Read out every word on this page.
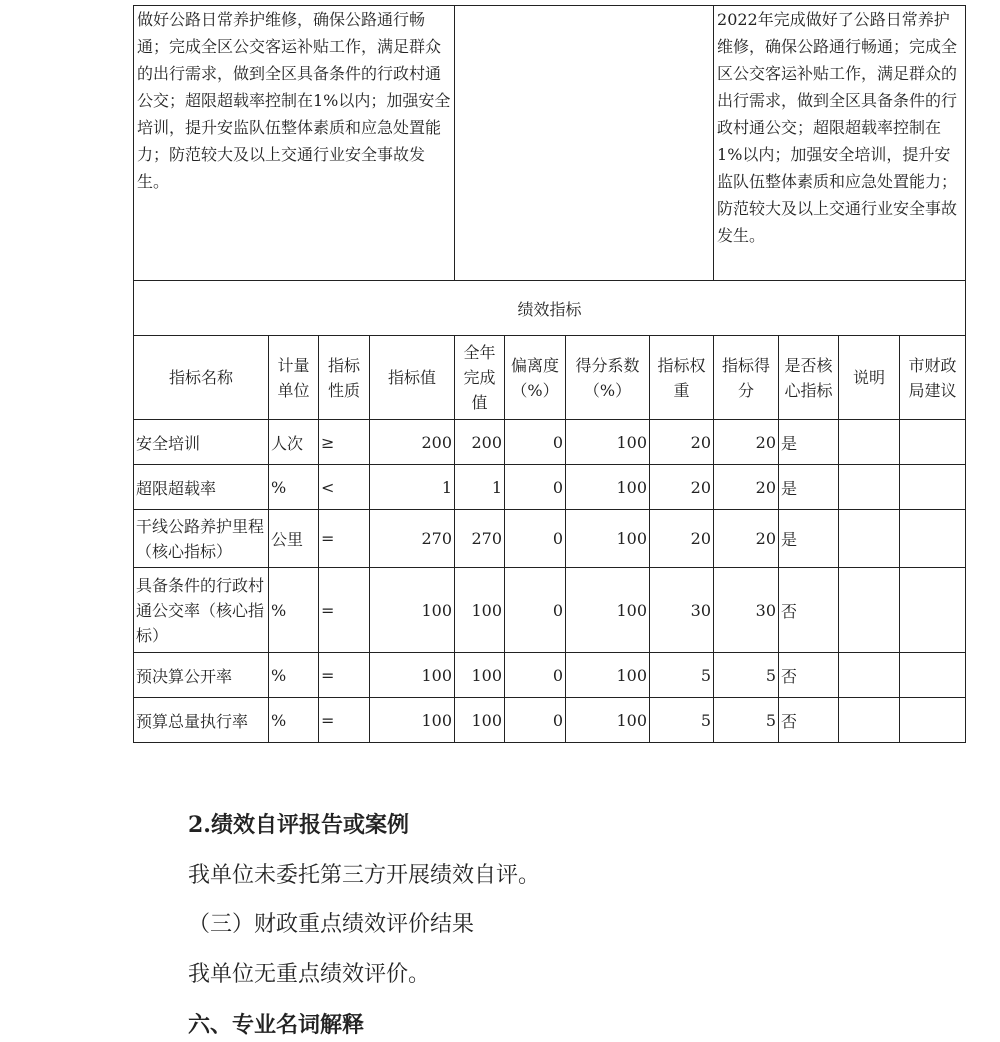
做好公路日常养护维修，确保公路通行畅通；完成全区公交客运补贴工作，满足群众的出行需求，做到全区具备条件的行政村通公交；超限超载率控制在1%以内；加强安全培训，提升安监队伍整体素质和应急处置能力；防范较大及以上交通行业安全事故发生。								2022年完成做好了公路日常养护维修，确保公路通行畅通；完成全区公交客运补贴工作，满足群众的出行需求，做到全区具备条件的行政村通公交；超限超载率控制在1%以内；加强安全培训，提升安监队伍整体素质和应急处置能力；防范较大及以上交通行业安全事故发生。			
绩效指标											
指标名称	计量单位	指标性质	指标值	全年完成值	偏离度（%）	得分系数（%）	指标权重	指标得分	是否核心指标	说明	市财政局建议
安全培训	人次	≥	200	200	0	100	20	20	是		
超限超载率	%	<	1	1	0	100	20	20	是		
干线公路养护里程（核心指标）	公里	=	270	270	0	100	20	20	是		
具备条件的行政村通公交率（核心指标）	%	=	100	100	0	100	30	30	否		
预决算公开率	%	=	100	100	0	100	5	5	否		
预算总量执行率	%	=	100	100	0	100	5	5	否		
2.绩效自评报告或案例
我单位未委托第三方开展绩效自评。
（三）财政重点绩效评价结果
我单位无重点绩效评价。
六、专业名词解释
